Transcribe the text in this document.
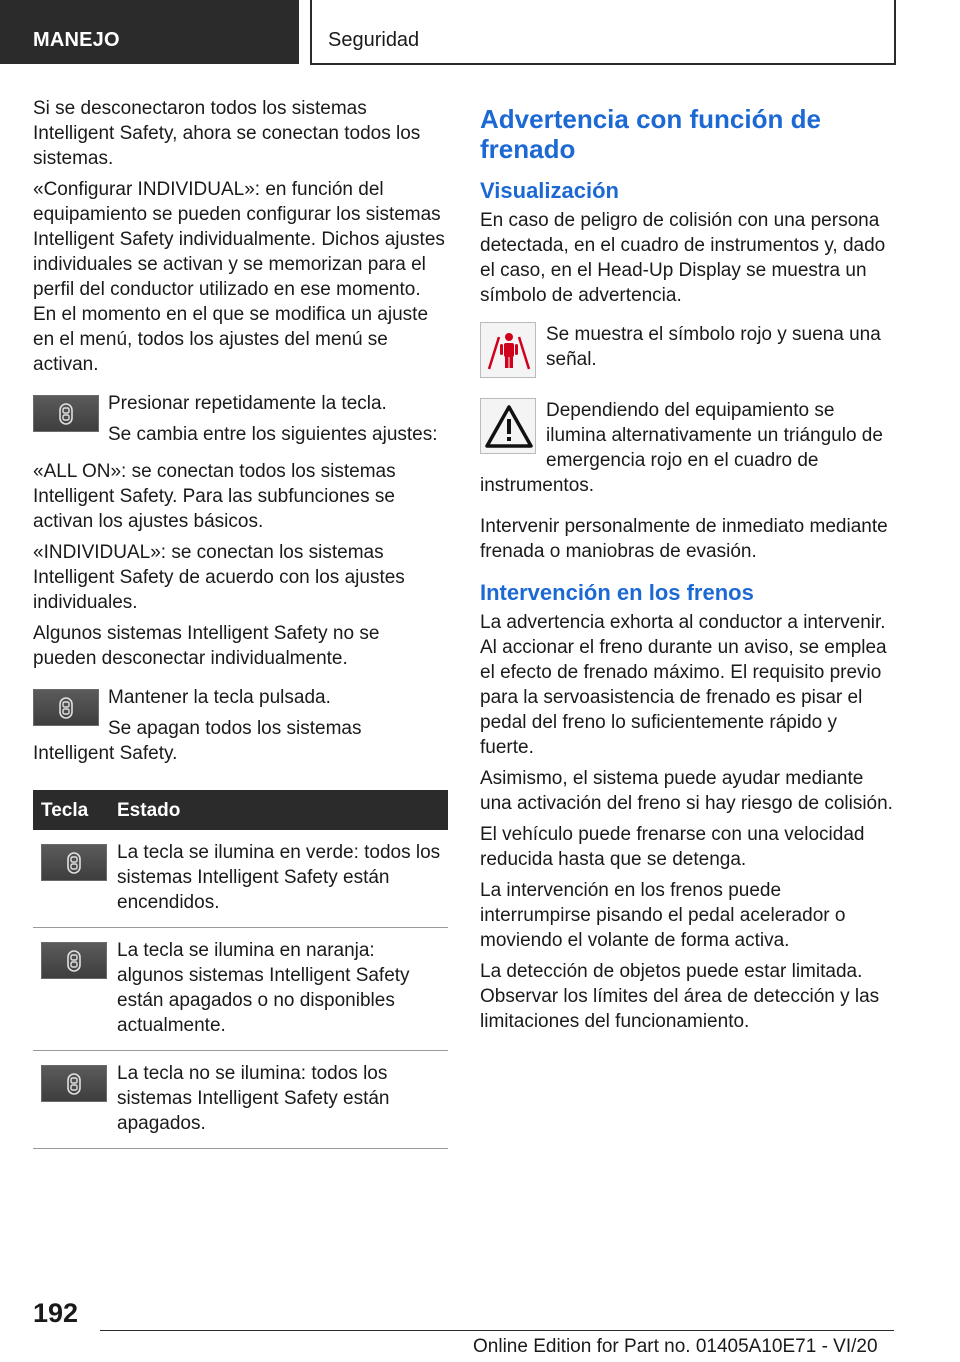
MANEJO	Seguridad

Si se desconectaron todos los sistemas Intelligent Safety, ahora se conectan todos los sistemas.

«Configurar INDIVIDUAL»: en función del equipamiento se pueden configurar los sistemas Intelligent Safety individualmente. Dichos ajustes individuales se activan y se memorizan para el perfil del conductor utilizado en ese momento. En el momento en el que se modifica un ajuste en el menú, todos los ajustes del menú se activan.

Presionar repetidamente la tecla.

Se cambia entre los siguientes ajustes:

«ALL ON»: se conectan todos los sistemas Intelligent Safety. Para las subfunciones se activan los ajustes básicos.

«INDIVIDUAL»: se conectan los sistemas Intelligent Safety de acuerdo con los ajustes individuales.

Algunos sistemas Intelligent Safety no se pueden desconectar individualmente.

Mantener la tecla pulsada.

Se apagan todos los sistemas Intelligent Safety.

Tecla	Estado

	La tecla se ilumina en verde: todos los sistemas Intelligent Safety están encendidos.

	La tecla se ilumina en naranja: algunos sistemas Intelligent Safety están apagados o no disponibles actualmente.

	La tecla no se ilumina: todos los sistemas Intelligent Safety están apagados.
Advertencia con función de frenado
Visualización

En caso de peligro de colisión con una persona detectada, en el cuadro de instrumentos y, dado el caso, en el Head-Up Display se muestra un símbolo de advertencia.

Se muestra el símbolo rojo y suena una señal.

Dependiendo del equipamiento se ilumina alternativamente un triángulo de emergencia rojo en el cuadro de instrumentos.

Intervenir personalmente de inmediato mediante frenada o maniobras de evasión.

Intervención en los frenos

La advertencia exhorta al conductor a intervenir. Al accionar el freno durante un aviso, se emplea el efecto de frenado máximo. El requisito previo para la servoasistencia de frenado es pisar el pedal del freno lo suficientemente rápido y fuerte.

Asimismo, el sistema puede ayudar mediante una activación del freno si hay riesgo de colisión.

El vehículo puede frenarse con una velocidad reducida hasta que se detenga.

La intervención en los frenos puede interrumpirse pisando el pedal acelerador o moviendo el volante de forma activa.

La detección de objetos puede estar limitada. Observar los límites del área de detección y las limitaciones del funcionamiento.

192
Online Edition for Part no. 01405A10E71 - VI/20
